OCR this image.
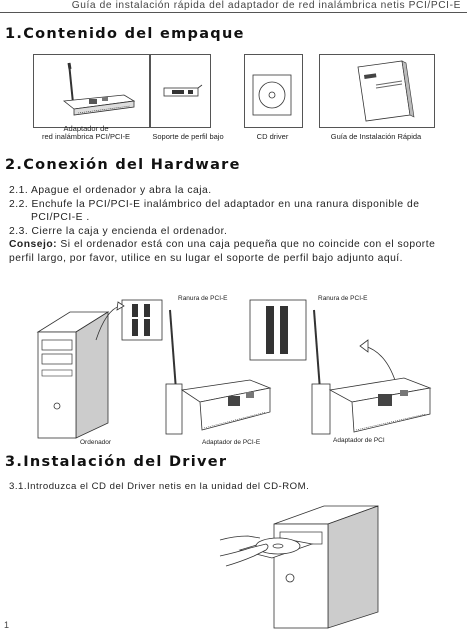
Guía de instalación rápida del adaptador de red inalámbrica netis PCI/PCI-E
1.Contenido del empaque
Adaptador de
red inalámbrica PCI/PCI-E	Soporte de perfil bajo	CD driver	Guía de Instalación Rápida
2.Conexión del Hardware
2.1. Apague el ordenador y abra la caja.
2.2. Enchufe la PCI/PCI-E inalámbrico del adaptador en una ranura disponible de
PCI/PCI-E .
2.3. Cierre la caja y encienda el ordenador.
Consejo: Si el ordenador está con una caja pequeña que no coincide con el soporte
perfil largo, por favor, utilice en su lugar el soporte de perfil bajo adjunto aquí.
Ranura de PCI-E	Ranura de PCI-E
Ordenador	Adaptador de PCI-E	Adaptador de PCI
3.Instalación del Driver
3.1.Introduzca el CD del Driver netis en la unidad del CD-ROM.
1
